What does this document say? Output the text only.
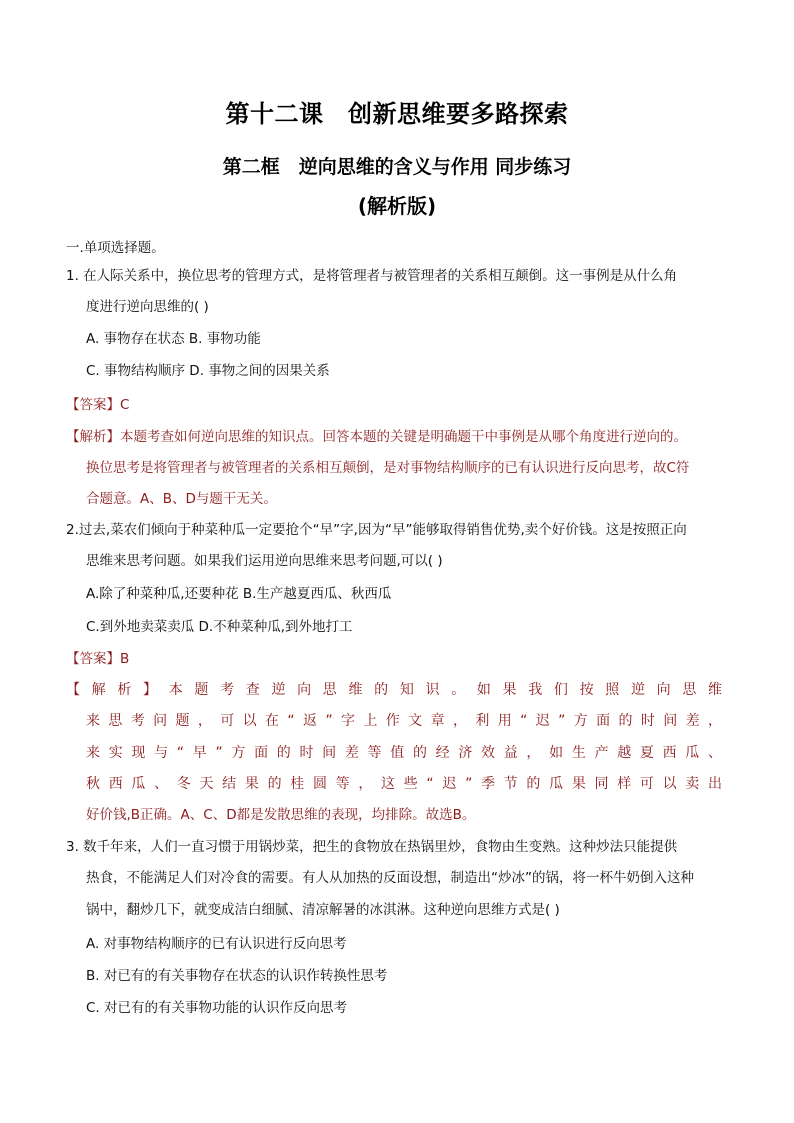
第十二课　创新思维要多路探索
第二框　逆向思维的含义与作用 同步练习
(解析版)
一.单项选择题。
1. 在人际关系中，换位思考的管理方式，是将管理者与被管理者的关系相互颠倒。这一事例是从什么角
度进行逆向思维的( )
A. 事物存在状态 B. 事物功能
C. 事物结构顺序 D. 事物之间的因果关系
【答案】C
【解析】本题考查如何逆向思维的知识点。回答本题的关键是明确题干中事例是从哪个角度进行逆向的。
换位思考是将管理者与被管理者的关系相互颠倒，是对事物结构顺序的已有认识进行反向思考，故C符
合题意。A、B、D与题干无关。
2.过去,菜农们倾向于种菜种瓜一定要抢个“早”字,因为“早”能够取得销售优势,卖个好价钱。这是按照正向
思维来思考问题。如果我们运用逆向思维来思考问题,可以( )
A.除了种菜种瓜,还要种花 B.生产越夏西瓜、秋西瓜
C.到外地卖菜卖瓜 D.不种菜种瓜,到外地打工
【答案】B
【解析】本题考查逆向思维的知识。如果我们按照逆向思维
来思考问题，可以在“返”字上作文章，利用“迟”方面的时间差，
来实现与“早”方面的时间差等值的经济效益，如生产越夏西瓜、
秋西瓜、冬天结果的桂圆等，这些“迟”季节的瓜果同样可以卖出
好价钱,B正确。A、C、D都是发散思维的表现，均排除。故选B。
3. 数千年来，人们一直习惯于用锅炒菜，把生的食物放在热锅里炒，食物由生变熟。这种炒法只能提供
热食，不能满足人们对冷食的需要。有人从加热的反面设想，制造出“炒冰”的锅，将一杯牛奶倒入这种
锅中，翻炒几下，就变成洁白细腻、清凉解暑的冰淇淋。这种逆向思维方式是( )
A. 对事物结构顺序的已有认识进行反向思考
B. 对已有的有关事物存在状态的认识作转换性思考
C. 对已有的有关事物功能的认识作反向思考
